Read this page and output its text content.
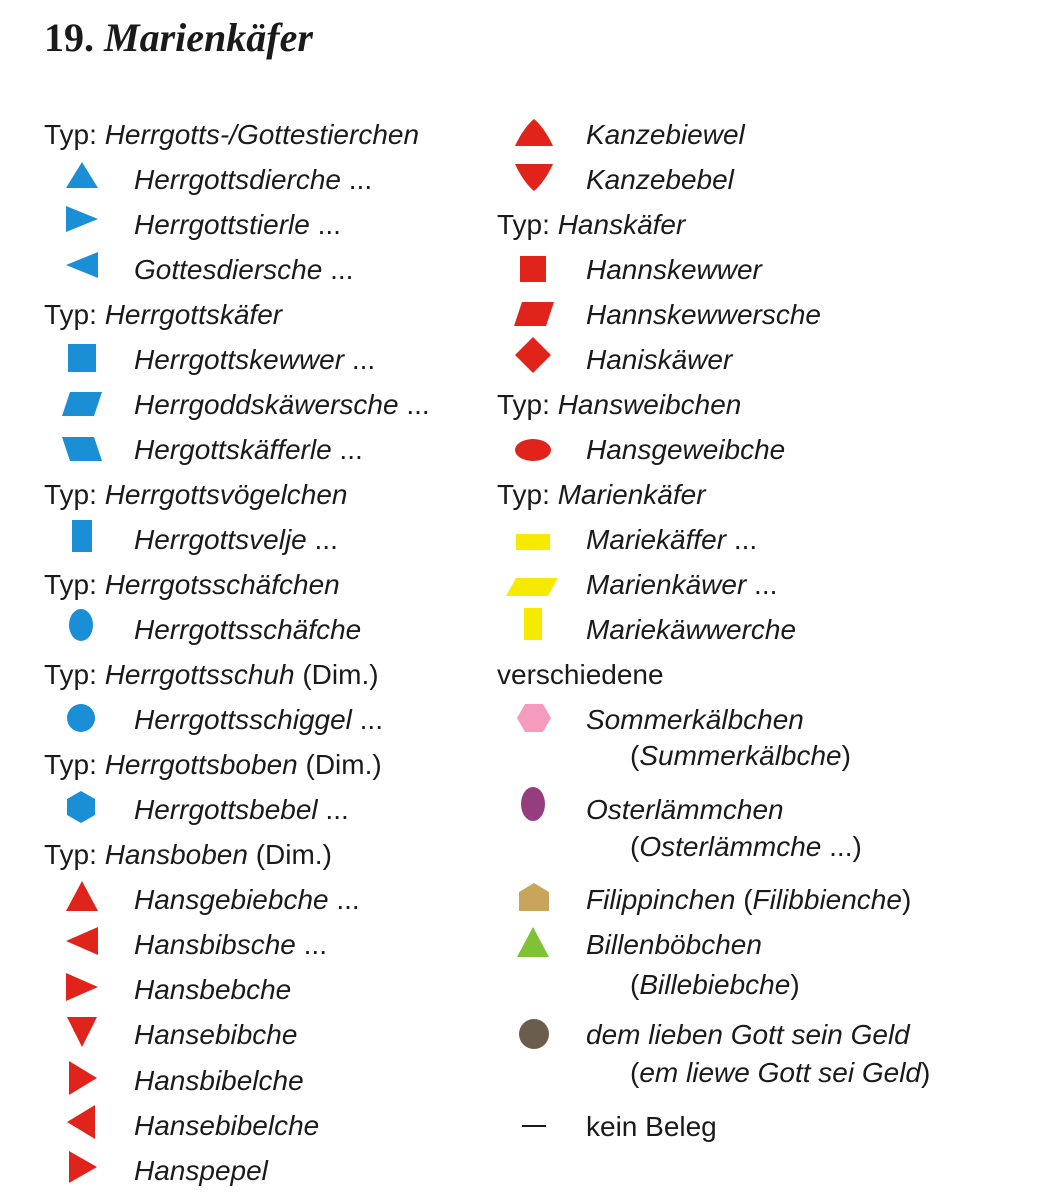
19. Marienkäfer
Typ: Herrgotts-/Gottestierchen
Herrgottsdierche ...
Herrgottstierle ...
Gottesdiersche ...
Typ: Herrgottskäfer
Herrgottskewwer ...
Herrgoddskäwersche ...
Hergottskäfferle ...
Typ: Herrgottsvögelchen
Herrgottsvelje ...
Typ: Herrgotsschäfchen
Herrgottsschäfche
Typ: Herrgottsschuh (Dim.)
Herrgottsschiggel ...
Typ: Herrgottsboben (Dim.)
Herrgottsbebel ...
Typ: Hansboben (Dim.)
Hansgebiebche ...
Hansbibsche ...
Hansbebche
Hansebibche
Hansbibelche
Hansebibelche
Hanspepel
Kanzebiewel
Kanzebebel
Typ: Hanskäfer
Hannskewwer
Hannskewwersche
Haniskäwer
Typ: Hansweibchen
Hansgeweibche
Typ: Marienkäfer
Mariekäffer ...
Marienkäwer ...
Mariekäwwerche
verschiedene
Sommerkälbchen
(Summerkälbche)
Osterlämmchen
(Osterlämmche ...)
Filippinchen (Filibbienche)
Billenböbchen
(Billebiebche)
dem lieben Gott sein Geld
(em liewe Gott sei Geld)
kein Beleg
